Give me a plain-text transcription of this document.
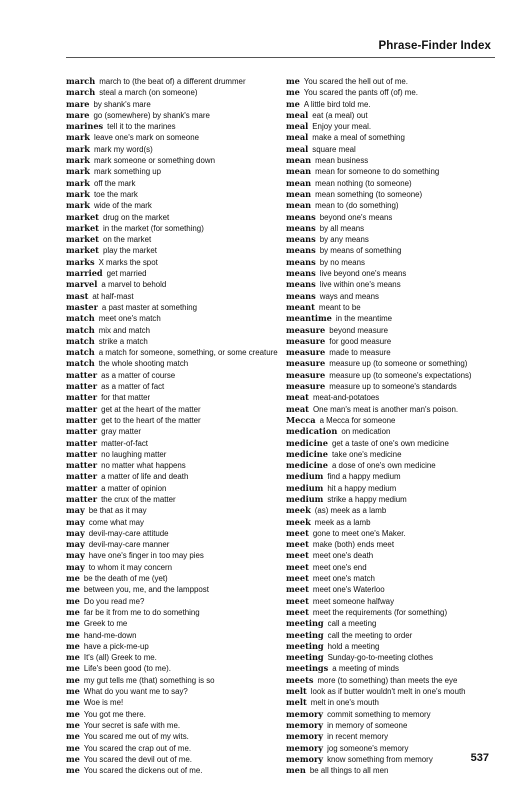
Phrase-Finder Index
march march to (the beat of) a different drummer
march steal a march (on someone)
mare by shank's mare
mare go (somewhere) by shank's mare
marines tell it to the marines
mark leave one's mark on someone
mark mark my word(s)
mark mark someone or something down
mark mark something up
mark off the mark
mark toe the mark
mark wide of the mark
market drug on the market
market in the market (for something)
market on the market
market play the market
marks X marks the spot
married get married
marvel a marvel to behold
mast at half-mast
master a past master at something
match meet one's match
match mix and match
match strike a match
match a match for someone, something, or some creature
match the whole shooting match
matter as a matter of course
matter as a matter of fact
matter for that matter
matter get at the heart of the matter
matter get to the heart of the matter
matter gray matter
matter matter-of-fact
matter no laughing matter
matter no matter what happens
matter a matter of life and death
matter a matter of opinion
matter the crux of the matter
may be that as it may
may come what may
may devil-may-care attitude
may devil-may-care manner
may have one's finger in too may pies
may to whom it may concern
me be the death of me (yet)
me between you, me, and the lamppost
me Do you read me?
me far be it from me to do something
me Greek to me
me hand-me-down
me have a pick-me-up
me It's (all) Greek to me.
me Life's been good (to me).
me my gut tells me (that) something is so
me What do you want me to say?
me Woe is me!
me You got me there.
me Your secret is safe with me.
me You scared me out of my wits.
me You scared the crap out of me.
me You scared the devil out of me.
me You scared the dickens out of me.
me You scared the hell out of me.
me You scared the pants off (of) me.
me A little bird told me.
meal eat (a meal) out
meal Enjoy your meal.
meal make a meal of something
meal square meal
mean mean business
mean mean for someone to do something
mean mean nothing (to someone)
mean mean something (to someone)
mean mean to (do something)
means beyond one's means
means by all means
means by any means
means by means of something
means by no means
means live beyond one's means
means live within one's means
means ways and means
meant meant to be
meantime in the meantime
measure beyond measure
measure for good measure
measure made to measure
measure measure up (to someone or something)
measure measure up (to someone's expectations)
measure measure up to someone's standards
meat meat-and-potatoes
meat One man's meat is another man's poison.
Mecca a Mecca for someone
medication on medication
medicine get a taste of one's own medicine
medicine take one's medicine
medicine a dose of one's own medicine
medium find a happy medium
medium hit a happy medium
medium strike a happy medium
meek (as) meek as a lamb
meek meek as a lamb
meet gone to meet one's Maker.
meet make (both) ends meet
meet meet one's death
meet meet one's end
meet meet one's match
meet meet one's Waterloo
meet meet someone halfway
meet meet the requirements (for something)
meeting call a meeting
meeting call the meeting to order
meeting hold a meeting
meeting Sunday-go-to-meeting clothes
meetings a meeting of minds
meets more (to something) than meets the eye
melt look as if butter wouldn't melt in one's mouth
melt melt in one's mouth
memory commit something to memory
memory in memory of someone
memory in recent memory
memory jog someone's memory
memory know something from memory
men be all things to all men
537
